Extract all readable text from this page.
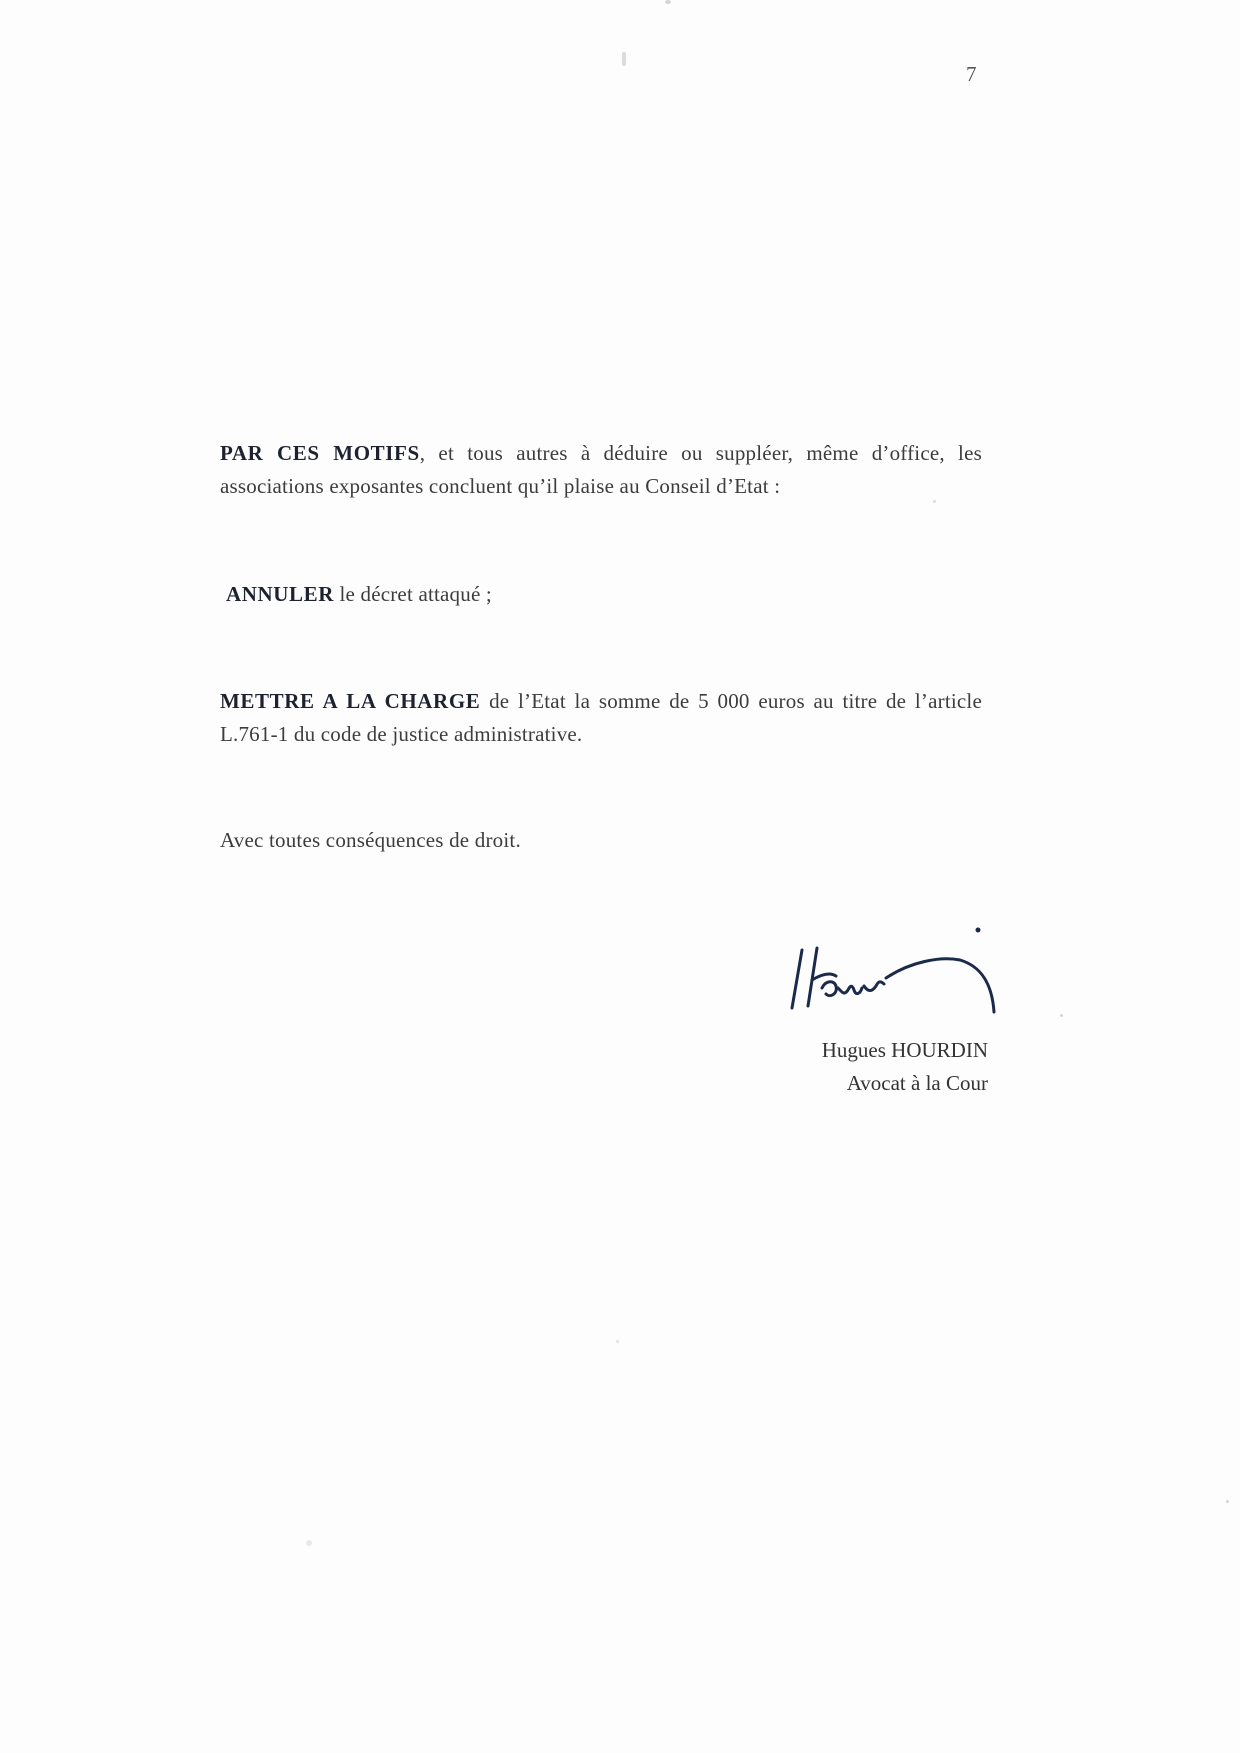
7
PAR CES MOTIFS, et tous autres à déduire ou suppléer, même d’office, les associations exposantes concluent qu’il plaise au Conseil d’Etat :
ANNULER le décret attaqué ;
METTRE A LA CHARGE de l’Etat la somme de 5 000 euros au titre de l’article L.761-1 du code de justice administrative.
Avec toutes conséquences de droit.
Hugues HOURDIN
Avocat à la Cour
